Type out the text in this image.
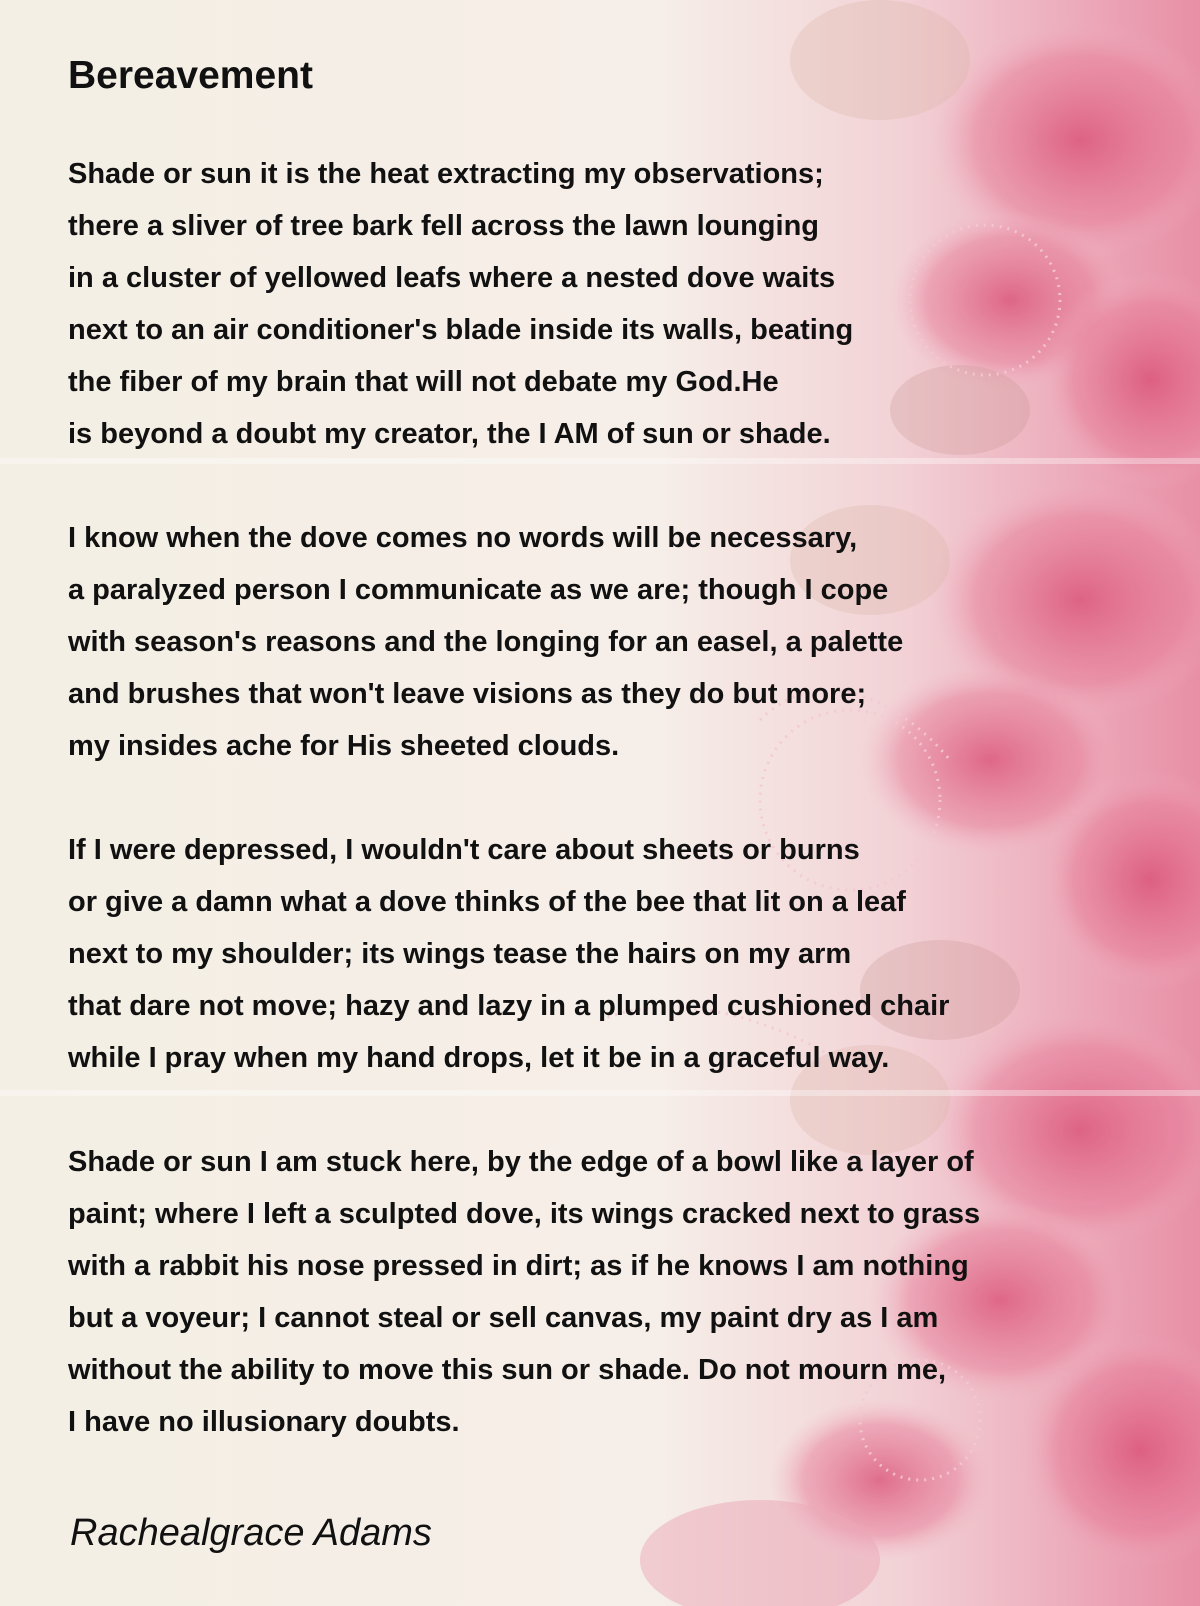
Bereavement
Shade or sun it is the heat extracting my observations;
there a sliver of tree bark fell across the lawn lounging
in a cluster of yellowed leafs where a nested dove waits
next to an air conditioner's blade inside its walls, beating
the fiber of my brain that will not debate my God.He
is beyond a doubt my creator, the I AM of sun or shade.
I know when the dove comes no words will be necessary,
a paralyzed person I communicate as we are; though I cope
with season's reasons and the longing for an easel, a palette
and brushes that won't leave visions as they do but more;
my insides ache for His sheeted clouds.
If I were depressed, I wouldn't care about sheets or burns
or give a damn what a dove thinks of the bee that lit on a leaf
next to my shoulder; its wings tease the hairs on my arm
that dare not move; hazy and lazy in a plumped cushioned chair
while I pray when my hand drops, let it be in a graceful way.
Shade or sun I am stuck here, by the edge of a bowl like a layer of
paint; where I left a sculpted dove, its wings cracked next to grass
with a rabbit his nose pressed in dirt; as if he knows I am nothing
but a voyeur; I cannot steal or sell canvas, my paint dry as I am
without the ability to move this sun or shade. Do not mourn me,
I have no illusionary doubts.
Rachealgrace Adams
